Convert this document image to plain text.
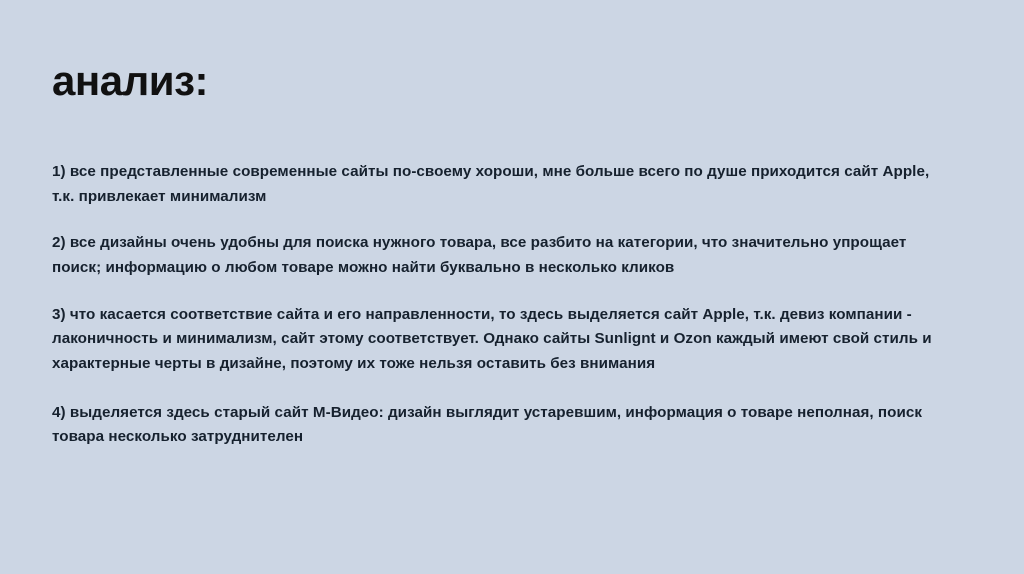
анализ:
1) все представленные современные сайты по-своему хороши, мне больше всего по душе приходится сайт Apple, т.к. привлекает минимализм
2) все дизайны очень удобны для поиска нужного товара, все разбито на категории, что значительно упрощает поиск; информацию о любом товаре можно найти буквально в несколько кликов
3) что касается соответствие сайта и его направленности, то здесь выделяется сайт Apple, т.к. девиз компании - лаконичность и минимализм, сайт этому соответствует. Однако сайты Sunlignt и Ozon каждый имеют свой стиль и характерные черты в дизайне, поэтому их тоже нельзя оставить без внимания
4) выделяется здесь старый сайт М-Видео: дизайн выглядит устаревшим, информация о товаре неполная, поиск товара несколько затруднителен
